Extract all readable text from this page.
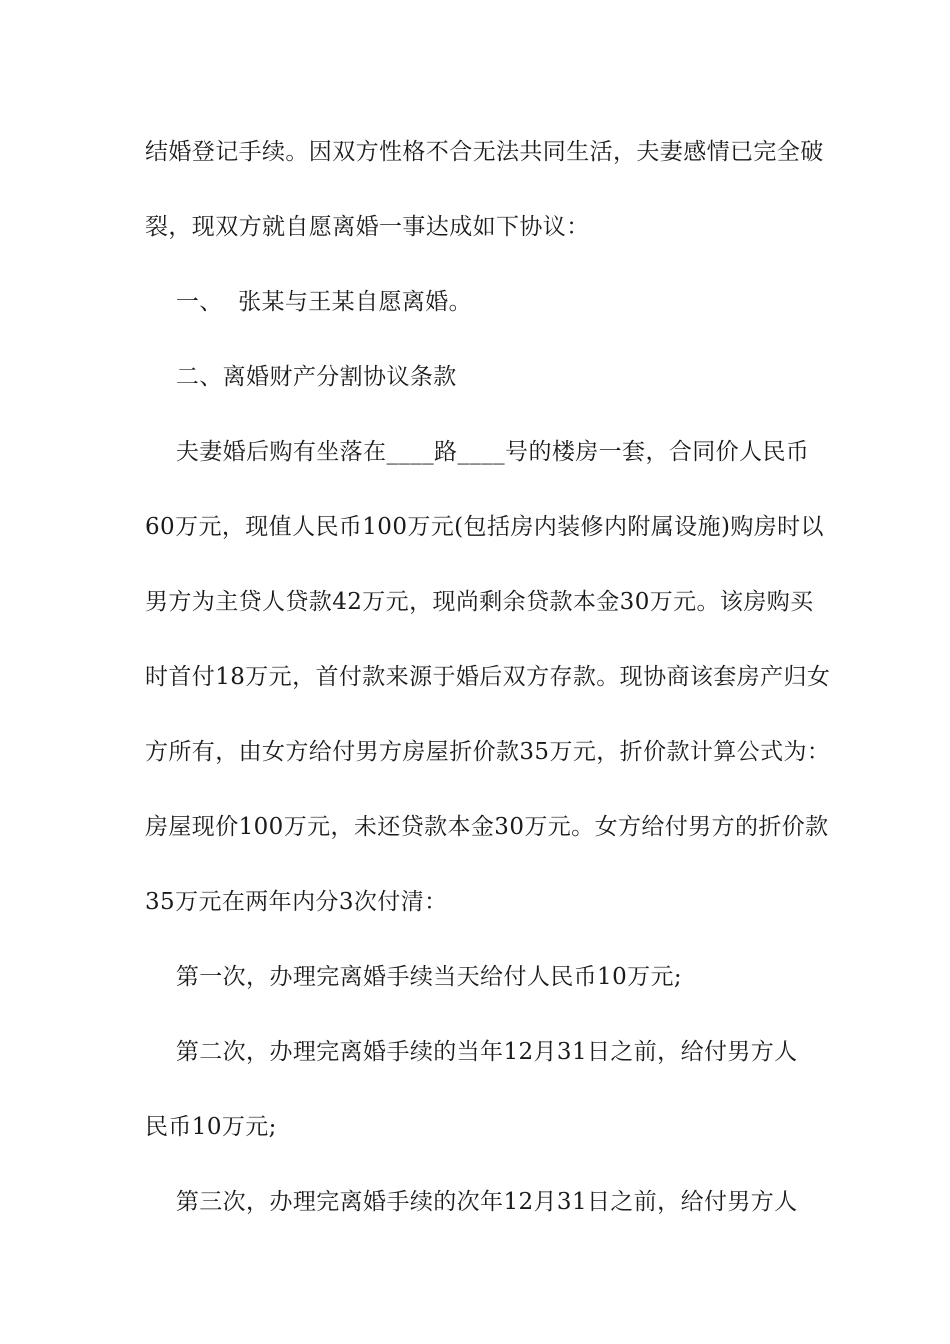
结婚登记手续。因双方性格不合无法共同生活，夫妻感情已完全破
裂，现双方就自愿离婚一事达成如下协议：
一、  张某与王某自愿离婚。
二、离婚财产分割协议条款
夫妻婚后购有坐落在____路____号的楼房一套，合同价人民币
60万元，现值人民币100万元(包括房内装修内附属设施)购房时以
男方为主贷人贷款42万元，现尚剩余贷款本金30万元。该房购买
时首付18万元，首付款来源于婚后双方存款。现协商该套房产归女
方所有，由女方给付男方房屋折价款35万元，折价款计算公式为：
房屋现价100万元，未还贷款本金30万元。女方给付男方的折价款
35万元在两年内分3次付清：
第一次，办理完离婚手续当天给付人民币10万元;
第二次，办理完离婚手续的当年12月31日之前，给付男方人
民币10万元;
第三次，办理完离婚手续的次年12月31日之前，给付男方人
